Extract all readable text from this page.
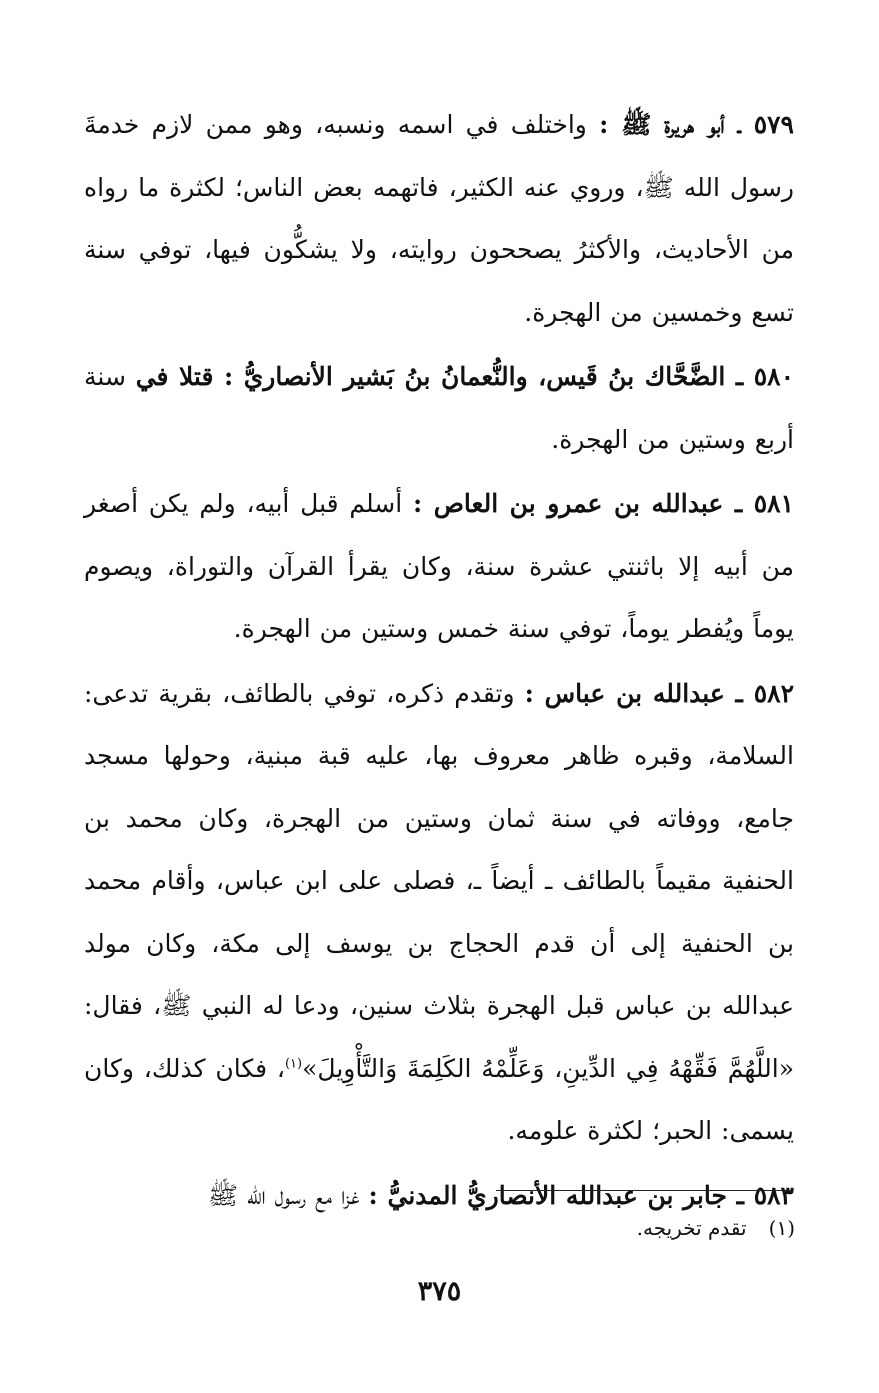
٥٧٩ ـ أبو هريرة ﷺ : واختلف في اسمه ونسبه، وهو ممن لازم خدمةَ رسول الله ﷺ، وروي عنه الكثير، فاتهمه بعض الناس؛ لكثرة ما رواه من الأحاديث، والأكثرُ يصححون روايته، ولا يشكُّون فيها، توفي سنة تسع وخمسين من الهجرة.

٥٨٠ ـ الضَّحَّاك بنُ قَيس، والنُّعمانُ بنُ بَشير الأنصاريُّ : قتلا في سنة أربع وستين من الهجرة.

٥٨١ ـ عبدالله بن عمرو بن العاص : أسلم قبل أبيه، ولم يكن أصغر من أبيه إلا باثنتي عشرة سنة، وكان يقرأ القرآن والتوراة، ويصوم يوماً ويُفطر يوماً، توفي سنة خمس وستين من الهجرة.

٥٨٢ ـ عبدالله بن عباس : وتقدم ذكره، توفي بالطائف، بقرية تدعى: السلامة، وقبره ظاهر معروف بها، عليه قبة مبنية، وحولها مسجد جامع، ووفاته في سنة ثمان وستين من الهجرة، وكان محمد بن الحنفية مقيماً بالطائف ـ أيضاً ـ، فصلى على ابن عباس، وأقام محمد بن الحنفية إلى أن قدم الحجاج بن يوسف إلى مكة، وكان مولد عبدالله بن عباس قبل الهجرة بثلاث سنين، ودعا له النبي ﷺ، فقال: «اللَّهُمَّ فَقِّهْهُ فِي الدِّينِ، وَعَلِّمْهُ الكَلِمَةَ وَالتَّأْوِيلَ»$^{(١)}$، فكان كذلك، وكان يسمى: الحبر؛ لكثرة علومه.

٥٨٣ ـ جابر بن عبدالله الأنصاريُّ المدنيُّ : غزا مع رسول الله ﷺ

(١)تقدم تخريجه.
٣٧٥
